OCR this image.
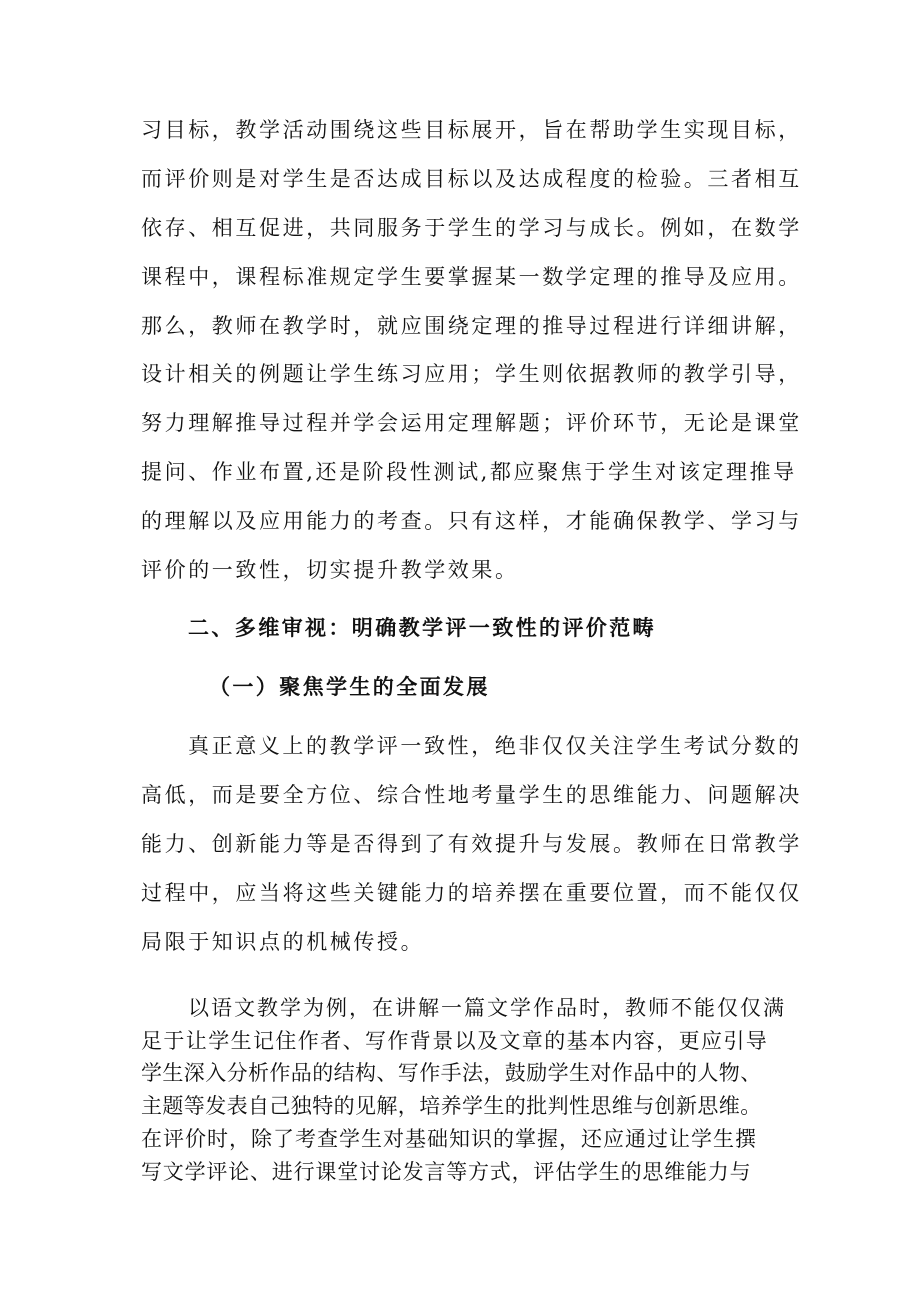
习目标，教学活动围绕这些目标展开，旨在帮助学生实现目标，
而评价则是对学生是否达成目标以及达成程度的检验。三者相互
依存、相互促进，共同服务于学生的学习与成长。例如，在数学
课程中，课程标准规定学生要掌握某一数学定理的推导及应用。
那么，教师在教学时，就应围绕定理的推导过程进行详细讲解，
设计相关的例题让学生练习应用；学生则依据教师的教学引导，
努力理解推导过程并学会运用定理解题；评价环节，无论是课堂
提问、作业布置,还是阶段性测试,都应聚焦于学生对该定理推导
的理解以及应用能力的考查。只有这样，才能确保教学、学习与
评价的一致性，切实提升教学效果。
二、多维审视：明确教学评一致性的评价范畴
（一）聚焦学生的全面发展
真正意义上的教学评一致性，绝非仅仅关注学生考试分数的
高低，而是要全方位、综合性地考量学生的思维能力、问题解决
能力、创新能力等是否得到了有效提升与发展。教师在日常教学
过程中，应当将这些关键能力的培养摆在重要位置，而不能仅仅
局限于知识点的机械传授。
以语文教学为例，在讲解一篇文学作品时，教师不能仅仅满
足于让学生记住作者、写作背景以及文章的基本内容，更应引导
学生深入分析作品的结构、写作手法，鼓励学生对作品中的人物、
主题等发表自己独特的见解，培养学生的批判性思维与创新思维。
在评价时，除了考查学生对基础知识的掌握，还应通过让学生撰
写文学评论、进行课堂讨论发言等方式，评估学生的思维能力与
